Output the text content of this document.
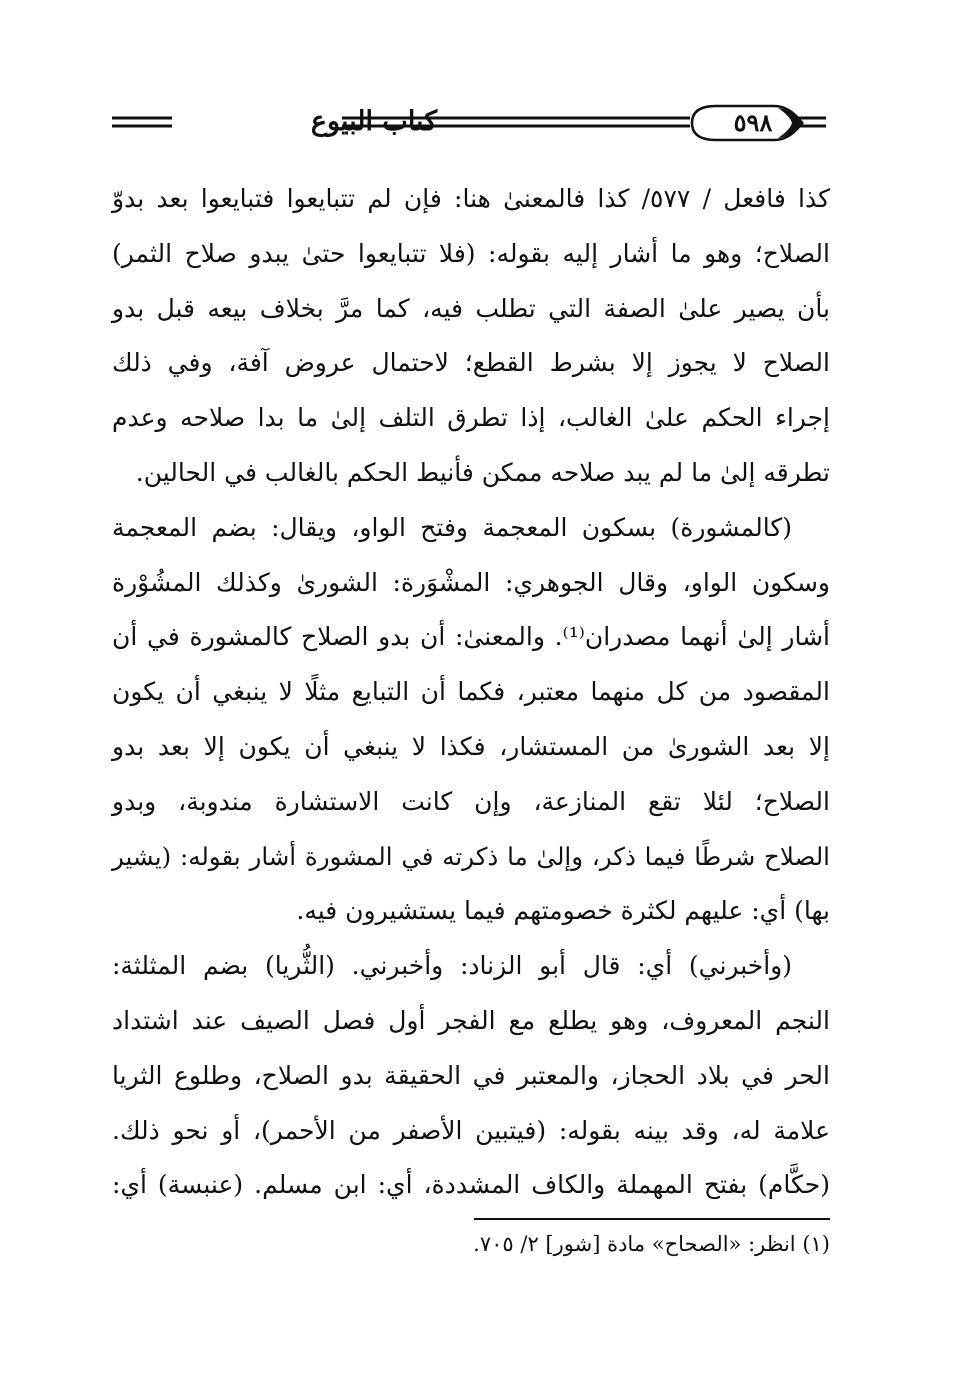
٥٩٨
كتاب البيوع
كذا فافعل / ٥٧٧/ كذا فالمعنىٰ هنا: فإن لم تتبايعوا فتبايعوا بعد بدوّ
الصلاح؛ وهو ما أشار إليه بقوله: (فلا تتبايعوا حتىٰ يبدو صلاح الثمر)
بأن يصير علىٰ الصفة التي تطلب فيه، كما مرَّ بخلاف بيعه قبل بدو
الصلاح لا يجوز إلا بشرط القطع؛ لاحتمال عروض آفة، وفي ذلك
إجراء الحكم علىٰ الغالب، إذا تطرق التلف إلىٰ ما بدا صلاحه وعدم
تطرقه إلىٰ ما لم يبد صلاحه ممكن فأنيط الحكم بالغالب في الحالين.
(كالمشورة) بسكون المعجمة وفتح الواو، ويقال: بضم المعجمة
وسكون الواو، وقال الجوهري: المشْوَرة: الشورىٰ وكذلك المشُوْرة
أشار إلىٰ أنهما مصدران⁽¹⁾. والمعنىٰ: أن بدو الصلاح كالمشورة في أن
المقصود من كل منهما معتبر، فكما أن التبايع مثلًا لا ينبغي أن يكون
إلا بعد الشورىٰ من المستشار، فكذا لا ينبغي أن يكون إلا بعد بدو
الصلاح؛ لئلا تقع المنازعة، وإن كانت الاستشارة مندوبة، وبدو
الصلاح شرطًا فيما ذكر، وإلىٰ ما ذكرته في المشورة أشار بقوله: (يشير
بها) أي: عليهم لكثرة خصومتهم فيما يستشيرون فيه.
(وأخبرني) أي: قال أبو الزناد: وأخبرني. (الثُّريا) بضم المثلثة:
النجم المعروف، وهو يطلع مع الفجر أول فصل الصيف عند اشتداد
الحر في بلاد الحجاز، والمعتبر في الحقيقة بدو الصلاح، وطلوع الثريا
علامة له، وقد بينه بقوله: (فيتبين الأصفر من الأحمر)، أو نحو ذلك.
(حكَّام) بفتح المهملة والكاف المشددة، أي: ابن مسلم. (عنبسة) أي:
(١) انظر: «الصحاح» مادة [شور] ٢/ ٧٠٥.
